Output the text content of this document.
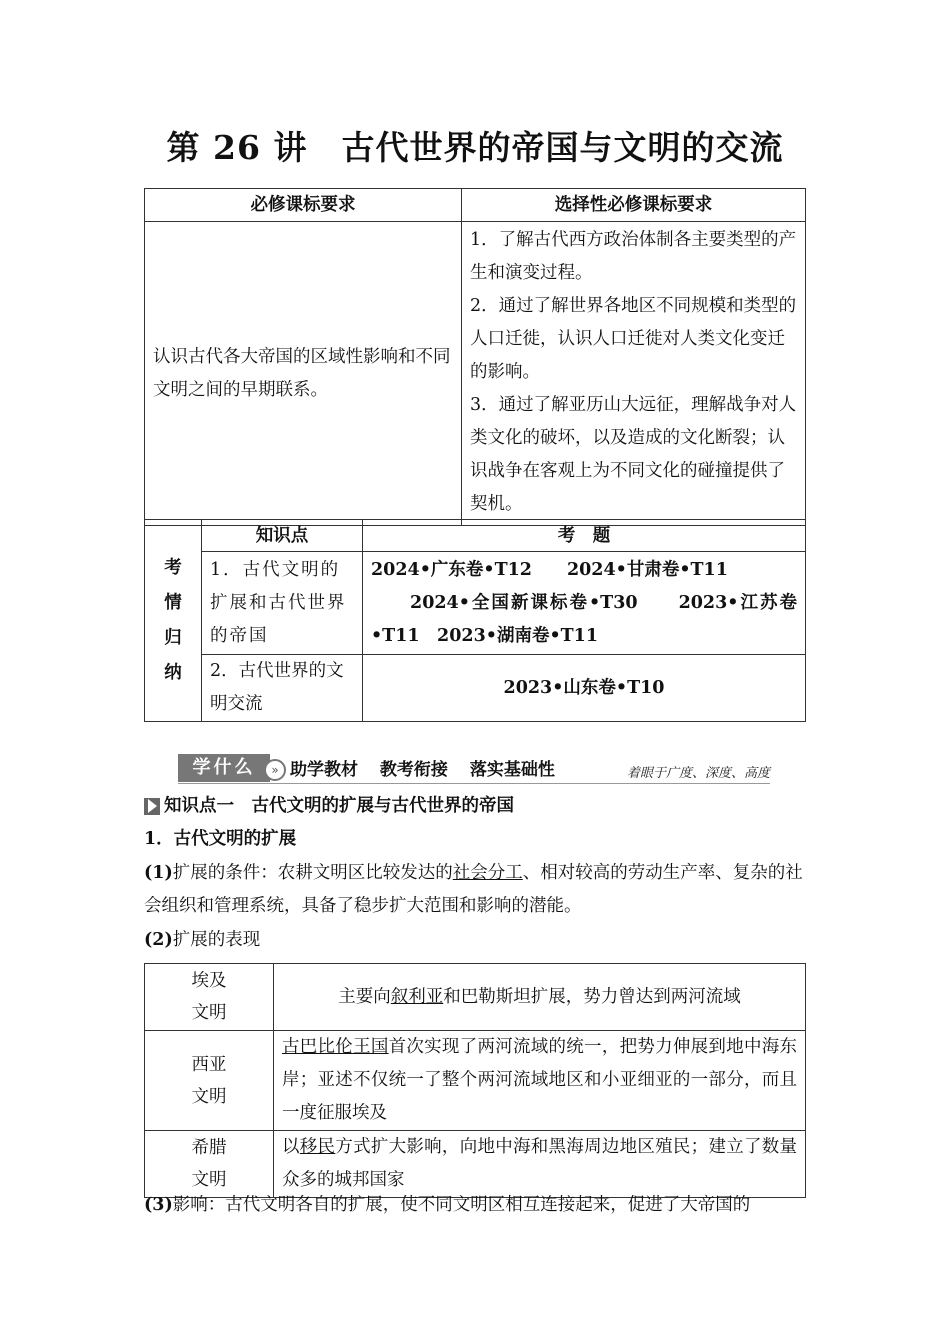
第 26 讲　古代世界的帝国与文明的交流
必修课标要求	选择性必修课标要求
认识古代各大帝国的区域性影响和不同文明之间的早期联系。	1．了解古代西方政治体制各主要类型的产生和演变过程。
2．通过了解世界各地区不同规模和类型的人口迁徙，认识人口迁徙对人类文化变迁的影响。
3．通过了解亚历山大远征，理解战争对人类文化的破坏，以及造成的文化断裂；认识战争在客观上为不同文化的碰撞提供了契机。
考
情
归
纳	知识点	考　题
	1．古代文明的扩展和古代世界的帝国	2024•广东卷•T12　　2024•甘肃卷•T11
　　2024•全国新课标卷•T30　　2023•江苏卷•T11　2023•湖南卷•T11

	2．古代世界的文明交流	2023•山东卷•T10
学什么	» 助学教材 教考衔接 落实基础性	着眼于广度、深度、高度
知识点一　古代文明的扩展与古代世界的帝国
1．古代文明的扩展
(1)扩展的条件：农耕文明区比较发达的社会分工、相对较高的劳动生产率、复杂的社会组织和管理系统，具备了稳步扩大范围和影响的潜能。
(2)扩展的表现
埃及
文明	主要向叙利亚和巴勒斯坦扩展，势力曾达到两河流域

西亚
文明	古巴比伦王国首次实现了两河流域的统一，把势力伸展到地中海东岸；亚述不仅统一了整个两河流域地区和小亚细亚的一部分，而且一度征服埃及

希腊
文明	以移民方式扩大影响，向地中海和黑海周边地区殖民；建立了数量众多的城邦国家
(3)影响：古代文明各自的扩展，使不同文明区相互连接起来，促进了大帝国的
